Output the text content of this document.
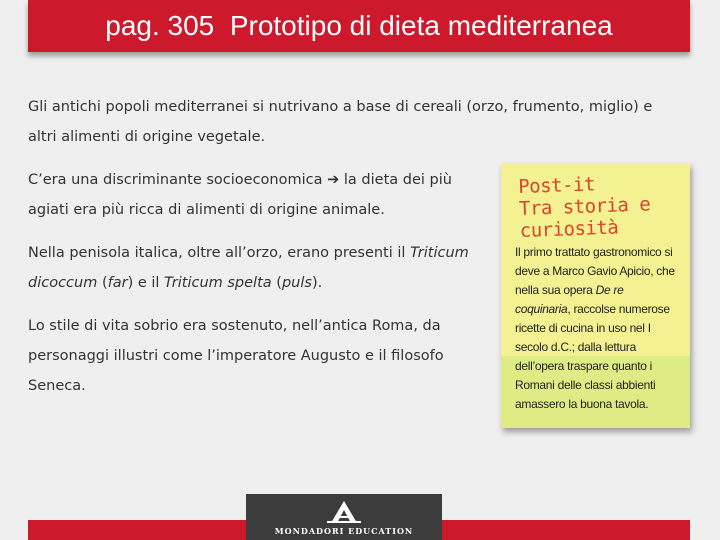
pag. 305  Prototipo di dieta mediterranea

Gli antichi popoli mediterranei si nutrivano a base di cereali (orzo, frumento, miglio) e altri alimenti di origine vegetale.

C’era una discriminante socioeconomica ➔ la dieta dei più agiati era più ricca di alimenti di origine animale.

Nella penisola italica, oltre all’orzo, erano presenti il Triticum dicoccum (far) e il Triticum spelta (puls).

Lo stile di vita sobrio era sostenuto, nell’antica Roma, da personaggi illustri come l’imperatore Augusto e il filosofo Seneca.

Post-it
Tra storia e curiosità
Il primo trattato gastronomico si deve a Marco Gavio Apicio, che nella sua opera De re coquinaria, raccolse numerose ricette di cucina in uso nel I secolo d.C.; dalla lettura dell’opera traspare quanto i Romani delle classi abbienti amassero la buona tavola.
MONDADORI EDUCATION
